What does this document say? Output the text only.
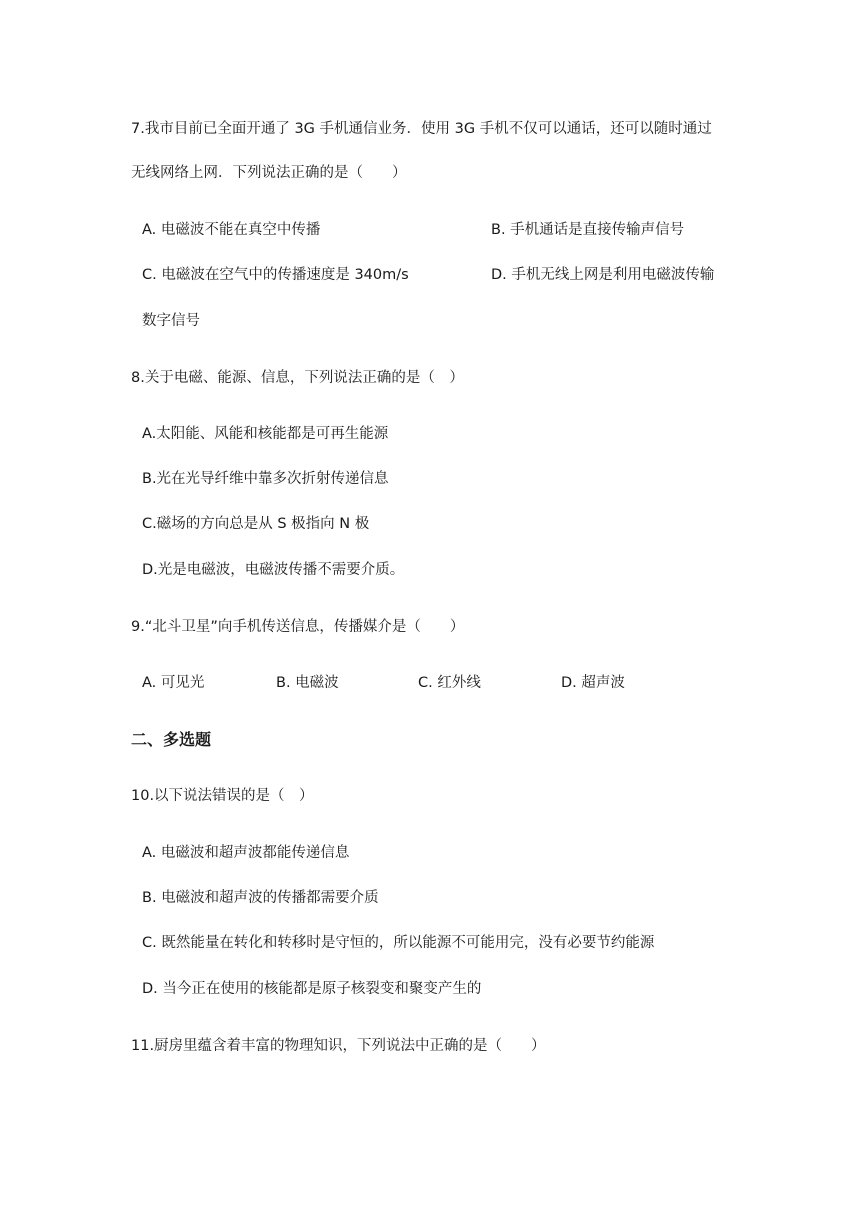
7.我市目前已全面开通了 3G 手机通信业务．使用 3G 手机不仅可以通话，还可以随时通过
无线网络上网．下列说法正确的是（　　）
A. 电磁波不能在真空中传播	B. 手机通话是直接传输声信号
C. 电磁波在空气中的传播速度是 340m/s	D. 手机无线上网是利用电磁波传输
数字信号
8.关于电磁、能源、信息，下列说法正确的是（　）
A.太阳能、风能和核能都是可再生能源
B.光在光导纤维中靠多次折射传递信息
C.磁场的方向总是从 S 极指向 N 极
D.光是电磁波，电磁波传播不需要介质。
9.“北斗卫星”向手机传送信息，传播媒介是（　　）
A. 可见光	B. 电磁波	C. 红外线	D. 超声波
二、多选题
10.以下说法错误的是（　）
A. 电磁波和超声波都能传递信息
B. 电磁波和超声波的传播都需要介质
C. 既然能量在转化和转移时是守恒的，所以能源不可能用完，没有必要节约能源
D. 当今正在使用的核能都是原子核裂变和聚变产生的
11.厨房里蕴含着丰富的物理知识，下列说法中正确的是（　　）
